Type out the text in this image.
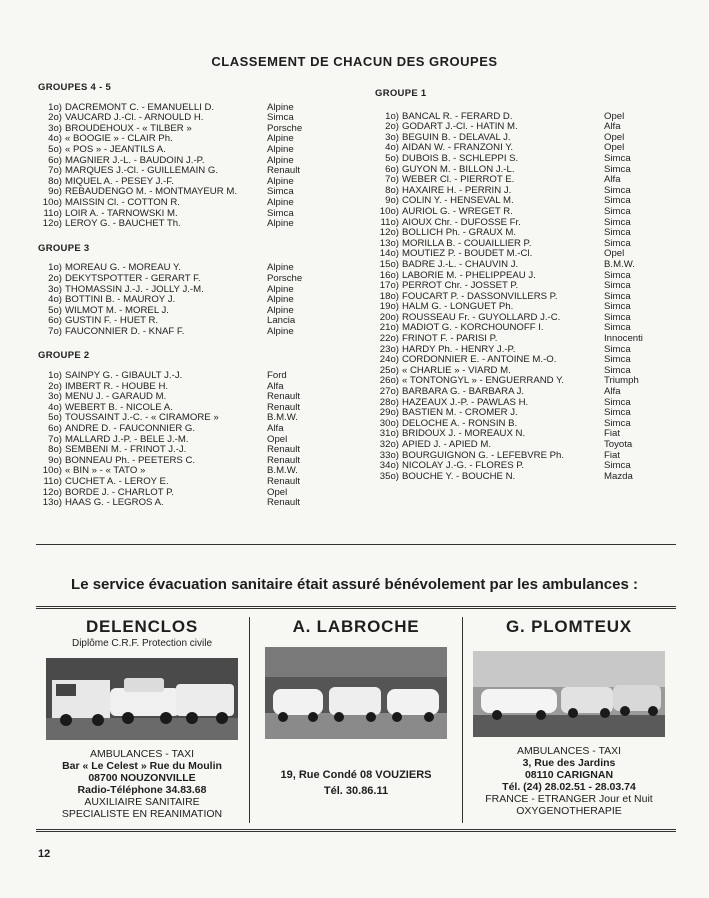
CLASSEMENT DE CHACUN DES GROUPES
GROUPES 4 - 5
1o) DACREMONT C. - EMANUELLI D.	Alpine
2o) VAUCARD J.-Cl. - ARNOULD H.	Simca
3o) BROUDEHOUX - « TILBER »	Porsche
4o) « BOOGIE » - CLAIR Ph.	Alpine
5o) « POS » - JEANTILS A.	Alpine
6o) MAGNIER J.-L. - BAUDOIN J.-P.	Alpine
7o) MARQUES J.-Cl. - GUILLEMAIN G.	Renault
8o) MIQUEL A. - PESEY J.-F.	Alpine
9o) REBAUDENGO M. - MONTMAYEUR M.	Simca
10o) MAISSIN Cl. - COTTON R.	Alpine
11o) LOIR A. - TARNOWSKI M.	Simca
12o) LEROY G. - BAUCHET Th.	Alpine
GROUPE 3
1o) MOREAU G. - MOREAU Y.	Alpine
2o) DEKYTSPOTTER - GERART F.	Porsche
3o) THOMASSIN J.-J. - JOLLY J.-M.	Alpine
4o) BOTTINI B. - MAUROY J.	Alpine
5o) WILMOT M. - MOREL J.	Alpine
6o) GUSTIN F. - HUET R.	Lancia
7o) FAUCONNIER D. - KNAF F.	Alpine
GROUPE 2
1o) SAINPY G. - GIBAULT J.-J.	Ford
2o) IMBERT R. - HOUBE H.	Alfa
3o) MENU J. - GARAUD M.	Renault
4o) WEBERT B. - NICOLE A.	Renault
5o) TOUSSAINT J.-C. - « CIRAMORE »	B.M.W.
6o) ANDRE D. - FAUCONNIER G.	Alfa
7o) MALLARD J.-P. - BELE J.-M.	Opel
8o) SEMBENI M. - FRINOT J.-J.	Renault
9o) BONNEAU Ph. - PEETERS C.	Renault
10o) « BIN » - « TATO »	B.M.W.
11o) CUCHET A. - LEROY E.	Renault
12o) BORDE J. - CHARLOT P.	Opel
13o) HAAS G. - LEGROS A.	Renault
GROUPE 1
1o) BANCAL R. - FERARD D.	Opel
2o) GODART J.-Cl. - HATIN M.	Alfa
3o) BEGUIN B. - DELAVAL J.	Opel
4o) AIDAN W. - FRANZONI Y.	Opel
5o) DUBOIS B. - SCHLEPPI S.	Simca
6o) GUYON M. - BILLON J.-L.	Simca
7o) WEBER Cl. - PIERROT E.	Alfa
8o) HAXAIRE H. - PERRIN J.	Simca
9o) COLIN Y. - HENSEVAL M.	Simca
10o) AURIOL G. - WREGET R.	Simca
11o) AIOUX Chr. - DUFOSSE Fr.	Simca
12o) BOLLICH Ph. - GRAUX M.	Simca
13o) MORILLA B. - COUAILLIER P.	Simca
14o) MOUTIEZ P. - BOUDET M.-Cl.	Opel
15o) BADRE J.-L. - CHAUVIN J.	B.M.W.
16o) LABORIE M. - PHELIPPEAU J.	Simca
17o) PERROT Chr. - JOSSET P.	Simca
18o) FOUCART P. - DASSONVILLERS P.	Simca
19o) HALM G. - LONGUET Ph.	Simca
20o) ROUSSEAU Fr. - GUYOLLARD J.-C.	Simca
21o) MADIOT G. - KORCHOUNOFF I.	Simca
22o) FRINOT F. - PARISI P.	Innocenti
23o) HARDY Ph. - HENRY J.-P.	Simca
24o) CORDONNIER E. - ANTOINE M.-O.	Simca
25o) « CHARLIE » - VIARD M.	Simca
26o) « TONTONGYL » - ENGUERRAND Y.	Triumph
27o) BARBARA G. - BARBARA J.	Alfa
28o) HAZEAUX J.-P. - PAWLAS H.	Simca
29o) BASTIEN M. - CROMER J.	Simca
30o) DELOCHE A. - RONSIN B.	Simca
31o) BRIDOUX J. - MOREAUX N.	Fiat
32o) APIED J. - APIED M.	Toyota
33o) BOURGUIGNON G. - LEFEBVRE Ph.	Fiat
34o) NICOLAY J.-G. - FLORES P.	Simca
35o) BOUCHE Y. - BOUCHE N.	Mazda
Le service évacuation sanitaire était assuré bénévolement par les ambulances :
DELENCLOS
Diplôme C.R.F. Protection civile
AMBULANCES - TAXI
Bar « Le Celest » Rue du Moulin
08700 NOUZONVILLE
Radio-Téléphone 34.83.68
AUXILIAIRE SANITAIRE
SPECIALISTE EN REANIMATION
A. LABROCHE
19, Rue Condé 08 VOUZIERS
Tél. 30.86.11
G. PLOMTEUX
AMBULANCES - TAXI
3, Rue des Jardins
08110 CARIGNAN
Tél. (24) 28.02.51 - 28.03.74
FRANCE - ETRANGER Jour et Nuit
OXYGENOTHERAPIE
12
